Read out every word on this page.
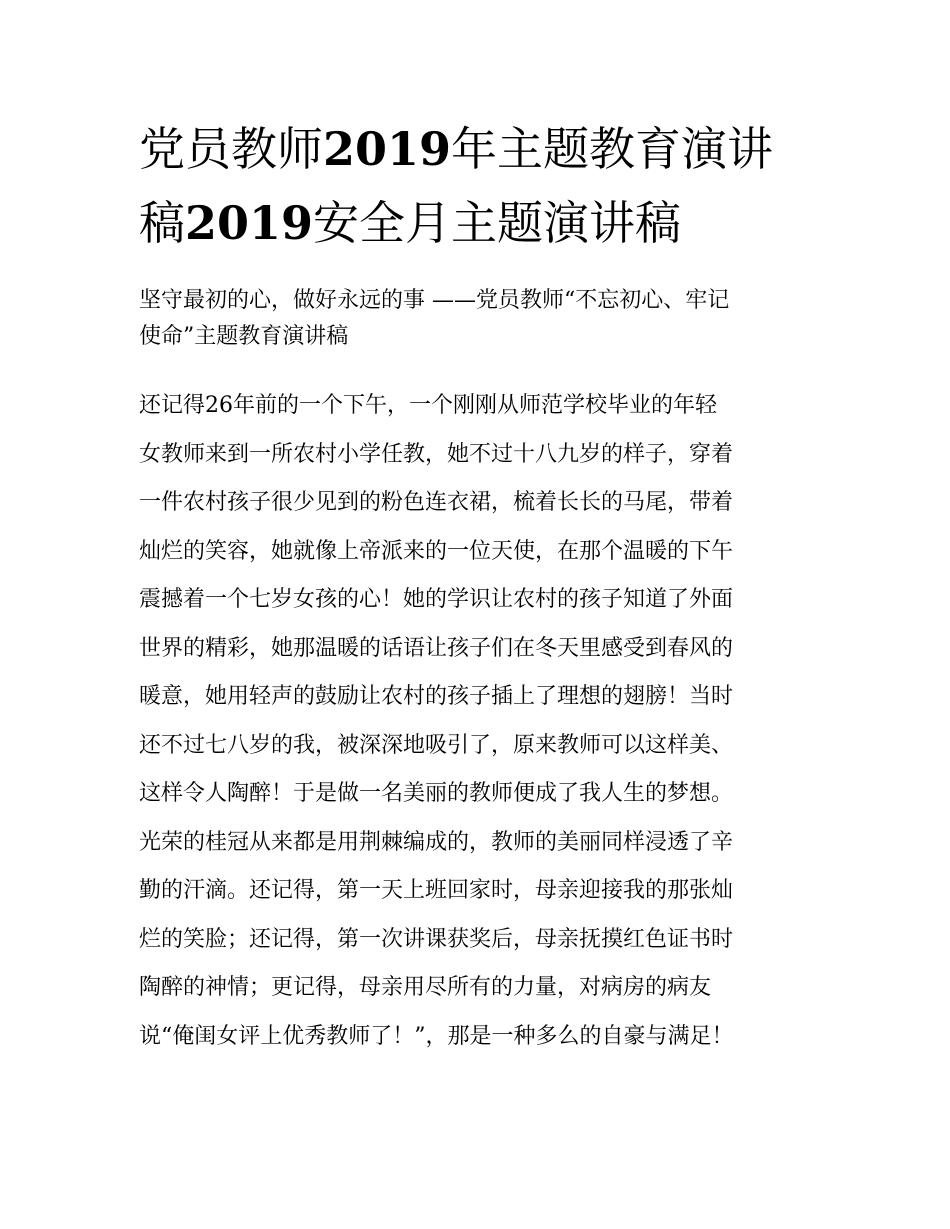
党员教师2019年主题教育演讲
稿2019安全月主题演讲稿
坚守最初的心，做好永远的事 ——党员教师“不忘初心、牢记
使命”主题教育演讲稿
还记得26年前的一个下午，一个刚刚从师范学校毕业的年轻
女教师来到一所农村小学任教，她不过十八九岁的样子，穿着
一件农村孩子很少见到的粉色连衣裙，梳着长长的马尾，带着
灿烂的笑容，她就像上帝派来的一位天使，在那个温暖的下午
震撼着一个七岁女孩的心！她的学识让农村的孩子知道了外面
世界的精彩，她那温暖的话语让孩子们在冬天里感受到春风的
暖意，她用轻声的鼓励让农村的孩子插上了理想的翅膀！当时
还不过七八岁的我，被深深地吸引了，原来教师可以这样美、
这样令人陶醉！于是做一名美丽的教师便成了我人生的梦想。
光荣的桂冠从来都是用荆棘编成的，教师的美丽同样浸透了辛
勤的汗滴。还记得，第一天上班回家时，母亲迎接我的那张灿
烂的笑脸；还记得，第一次讲课获奖后，母亲抚摸红色证书时
陶醉的神情；更记得，母亲用尽所有的力量，对病房的病友
说“俺闺女评上优秀教师了！”，那是一种多么的自豪与满足！
